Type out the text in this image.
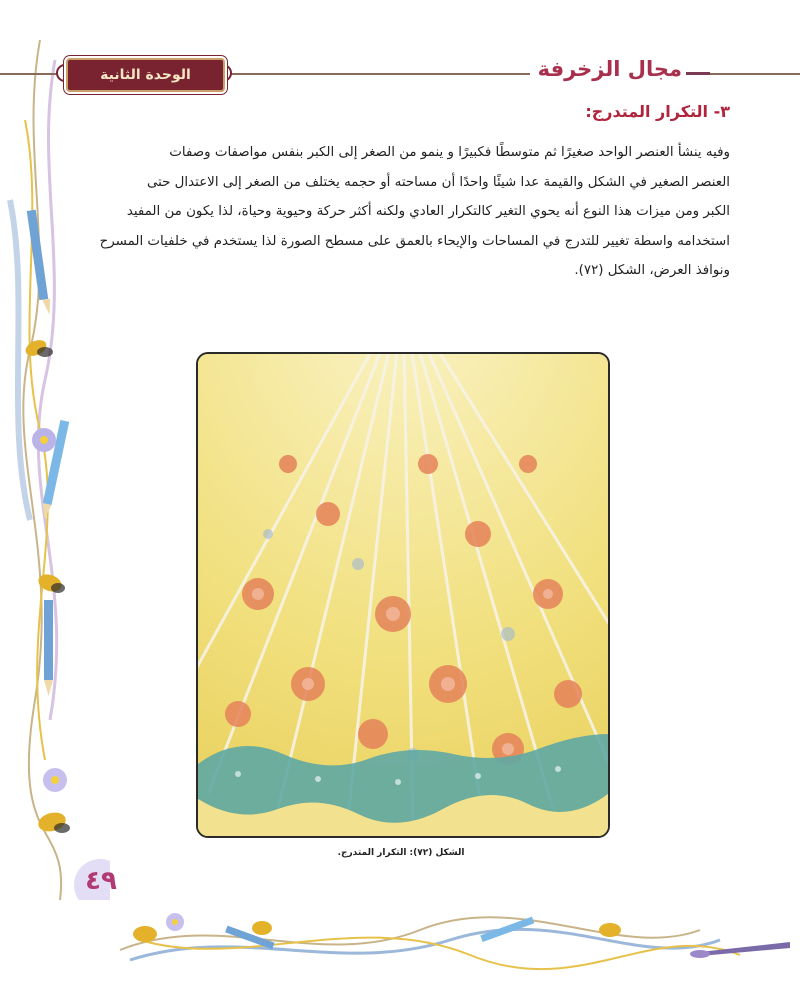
الوحدة الثانية	مجال الزخرفة
٣- التكرار المتدرج:
وفيه ينشأ العنصر الواحد صغيرًا ثم متوسطًا فكبيرًا و ينمو من الصغر إلى الكبر بنفس مواصفات وصفات
العنصر الصغير في الشكل والقيمة عدا شيئًا واحدًا أن مساحته أو حجمه يختلف من الصغر إلى الاعتدال حتى
الكبر ومن ميزات هذا النوع أنه يحوي التغير كالتكرار العادي ولكنه أكثر حركة وحيوية وحياة، لذا يكون من المفيد
استخدامه واسطة تغيير للتدرج في المساحات والإيحاء بالعمق على مسطح الصورة لذا يستخدم في خلفيات المسرح
ونوافذ العرض، الشكل (٧٢).
الشكل (٧٢): التكرار المتدرج.
٤٩
